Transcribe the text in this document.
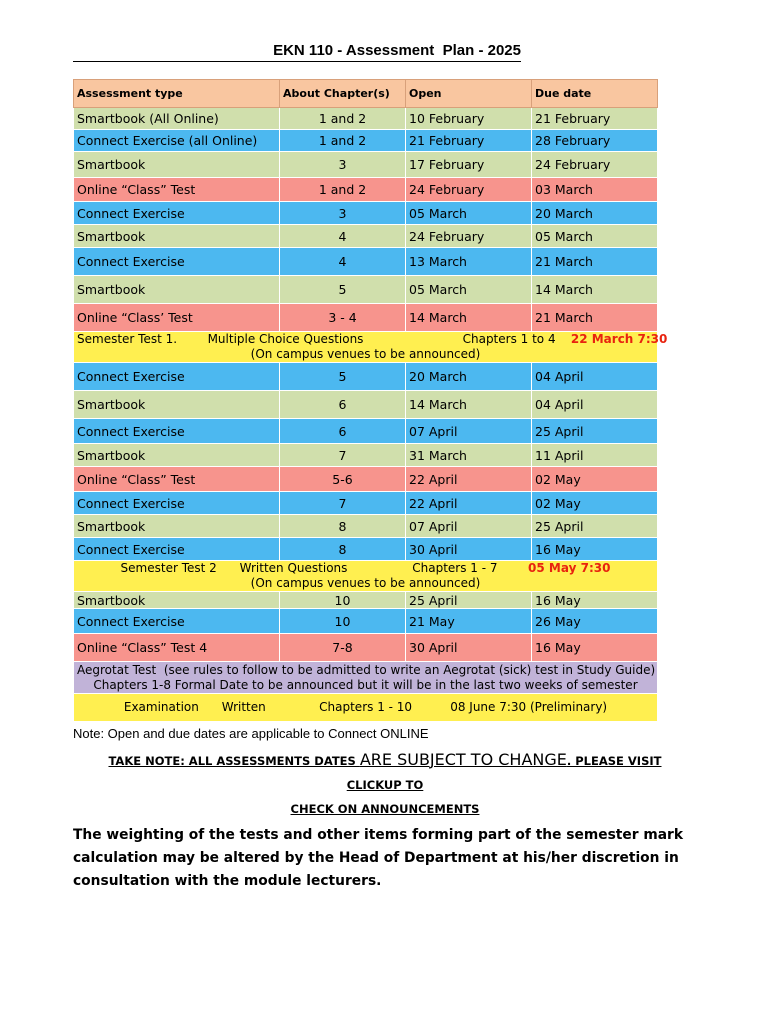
EKN 110 - Assessment  Plan - 2025
Assessment type	About Chapter(s)	Open	Due date
Smartbook (All Online)	1 and 2	10 February	21 February
Connect Exercise (all Online)	1 and 2	21 February	28 February
Smartbook	3	17 February	24 February
Online “Class” Test	1 and 2	24 February	03 March
Connect Exercise	3	05 March	20 March
Smartbook	4	24 February	05 March
Connect Exercise	4	13 March	21 March
Smartbook	5	05 March	14 March
Online “Class’ Test	3 - 4	14 March	21 March

Semester Test 1.        Multiple Choice Questions                          Chapters 1 to 4    22 March 7:30
(On campus venues to be announced)			

Connect Exercise	5	20 March	04 April
Smartbook	6	14 March	04 April
Connect Exercise	6	07 April	25 April
Smartbook	7	31 March	11 April
Online “Class” Test	5-6	22 April	02 May
Connect Exercise	7	22 April	02 May
Smartbook	8	07 April	25 April
Connect Exercise	8	30 April	16 May

Semester Test 2      Written Questions                 Chapters 1 - 7        05 May 7:30
(On campus venues to be announced)			

Smartbook	10	25 April	16 May
Connect Exercise	10	21 May	26 May
Online “Class” Test 4	7-8	30 April	16 May

Aegrotat Test  (see rules to follow to be admitted to write an Aegrotat (sick) test in Study Guide)
Chapters 1-8 Formal Date to be announced but it will be in the last two weeks of semester			

Examination      Written              Chapters 1 - 10          08 June 7:30 (Preliminary)			
Note: Open and due dates are applicable to Connect ONLINE
TAKE NOTE: ALL ASSESSMENTS DATES ARE SUBJECT TO CHANGE. PLEASE VISIT CLICKUP TO
CHECK ON ANNOUNCEMENTS
The weighting of the tests and other items forming part of the semester mark calculation may be altered by the Head of Department at his/her discretion in consultation with the module lecturers.
